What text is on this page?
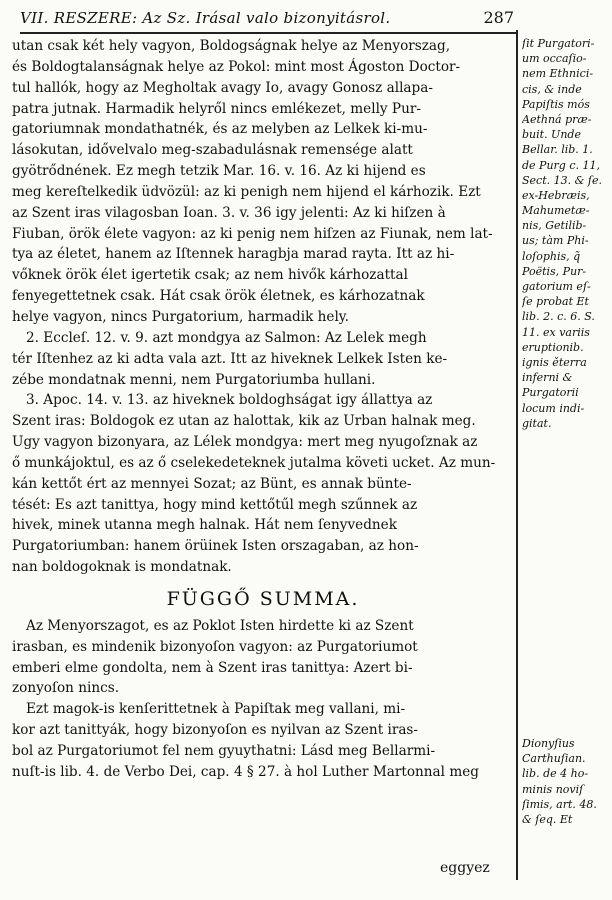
VII. RESZERE: Az Sz. Irásal valo bizonyitásrol.	287
utan csak két hely vagyon, Boldogságnak helye az Menyorszag,
és Boldogtalanságnak helye az Pokol: mint most Ágoston Doctor-
tul hallók, hogy az Megholtak avagy Io, avagy Gonosz allapa-
patra jutnak. Harmadik helyről nincs emlékezet, melly Pur-
gatoriumnak mondathatnék, és az melyben az Lelkek ki-mu-
lásokutan, idővelvalo meg-szabadulásnak remensége alatt
gyötrődnének. Ez megh tetzik Mar. 16. v. 16. Az ki hijend es
meg kereſtelkedik üdvözül: az ki penigh nem hijend el kárhozik. Ezt
az Szent iras vilagosban Ioan. 3. v. 36 igy jelenti: Az ki hiſzen à
Fiuban, örök élete vagyon: az ki penig nem hiſzen az Fiunak, nem lat-
tya az életet, hanem az Iſtennek haragbja marad rayta. Itt az hi-
vőknek örök élet igertetik csak; az nem hivők kárhozattal
fenyegettetnek csak. Hát csak örök életnek, es kárhozatnak
helye vagyon, nincs Purgatorium, harmadik hely.
2. Eccleſ. 12. v. 9. azt mondgya az Salmon: Az Lelek megh
tér Iſtenhez az ki adta vala azt. Itt az hiveknek Lelkek Isten ke-
zébe mondatnak menni, nem Purgatoriumba hullani.
3. Apoc. 14. v. 13. az hiveknek boldoghságat igy állattya az
Szent iras: Boldogok ez utan az halottak, kik az Urban halnak meg.
Ugy vagyon bizonyara, az Lélek mondgya: mert meg nyugoſznak az
ő munkájoktul, es az ő cselekedeteknek jutalma követi ucket. Az mun-
kán kettőt ért az mennyei Sozat; az Bünt, es annak bünte-
tését: Es azt tanittya, hogy mind kettőtűl megh szűnnek az
hivek, minek utanna megh halnak. Hát nem ſenyvednek
Purgatoriumban: hanem örüinek Isten orszagaban, az hon-
nan boldogoknak is mondatnak.
FÜGGŐ SUMMA.
Az Menyorszagot, es az Poklot Isten hirdette ki az Szent
irasban, es mindenik bizonyoſon vagyon: az Purgatoriumot
emberi elme gondolta, nem à Szent iras tanittya: Azert bi-
zonyoſon nincs.
Ezt magok-is kenſerittetnek à Papiſtak meg vallani, mi-
kor azt tanittyák, hogy bizonyoſon es nyilvan az Szent iras-
bol az Purgatoriumot fel nem gyuythatni: Lásd meg Bellarmi-
nuſt-is lib. 4. de Verbo Dei, cap. 4 § 27. à hol Luther Martonnal meg
ſit Purgatori-
um occaſio-
nem Ethnici-
cis, & inde
Papiſtis mós
Aethná præ-
buit. Unde
Bellar. lib. 1.
de Purg c. 11,
Sect. 13. & ſe.
ex-Hebræis,
Mahumetæ-
nis, Getilib-
us; tàm Phi-
loſophis, q̃
Poëtis, Pur-
gatorium eſ-
ſe probat Et
lib. 2. c. 6. S.
11. ex variis
eruptionib.
ignis ěterra
inferni &
Purgatorii
locum indi-
gitat.
Dionyſius
Carthuſian.
lib. de 4 ho-
minis noviſ
ſimis, art. 48.
& ſeq. Et
eggyez
